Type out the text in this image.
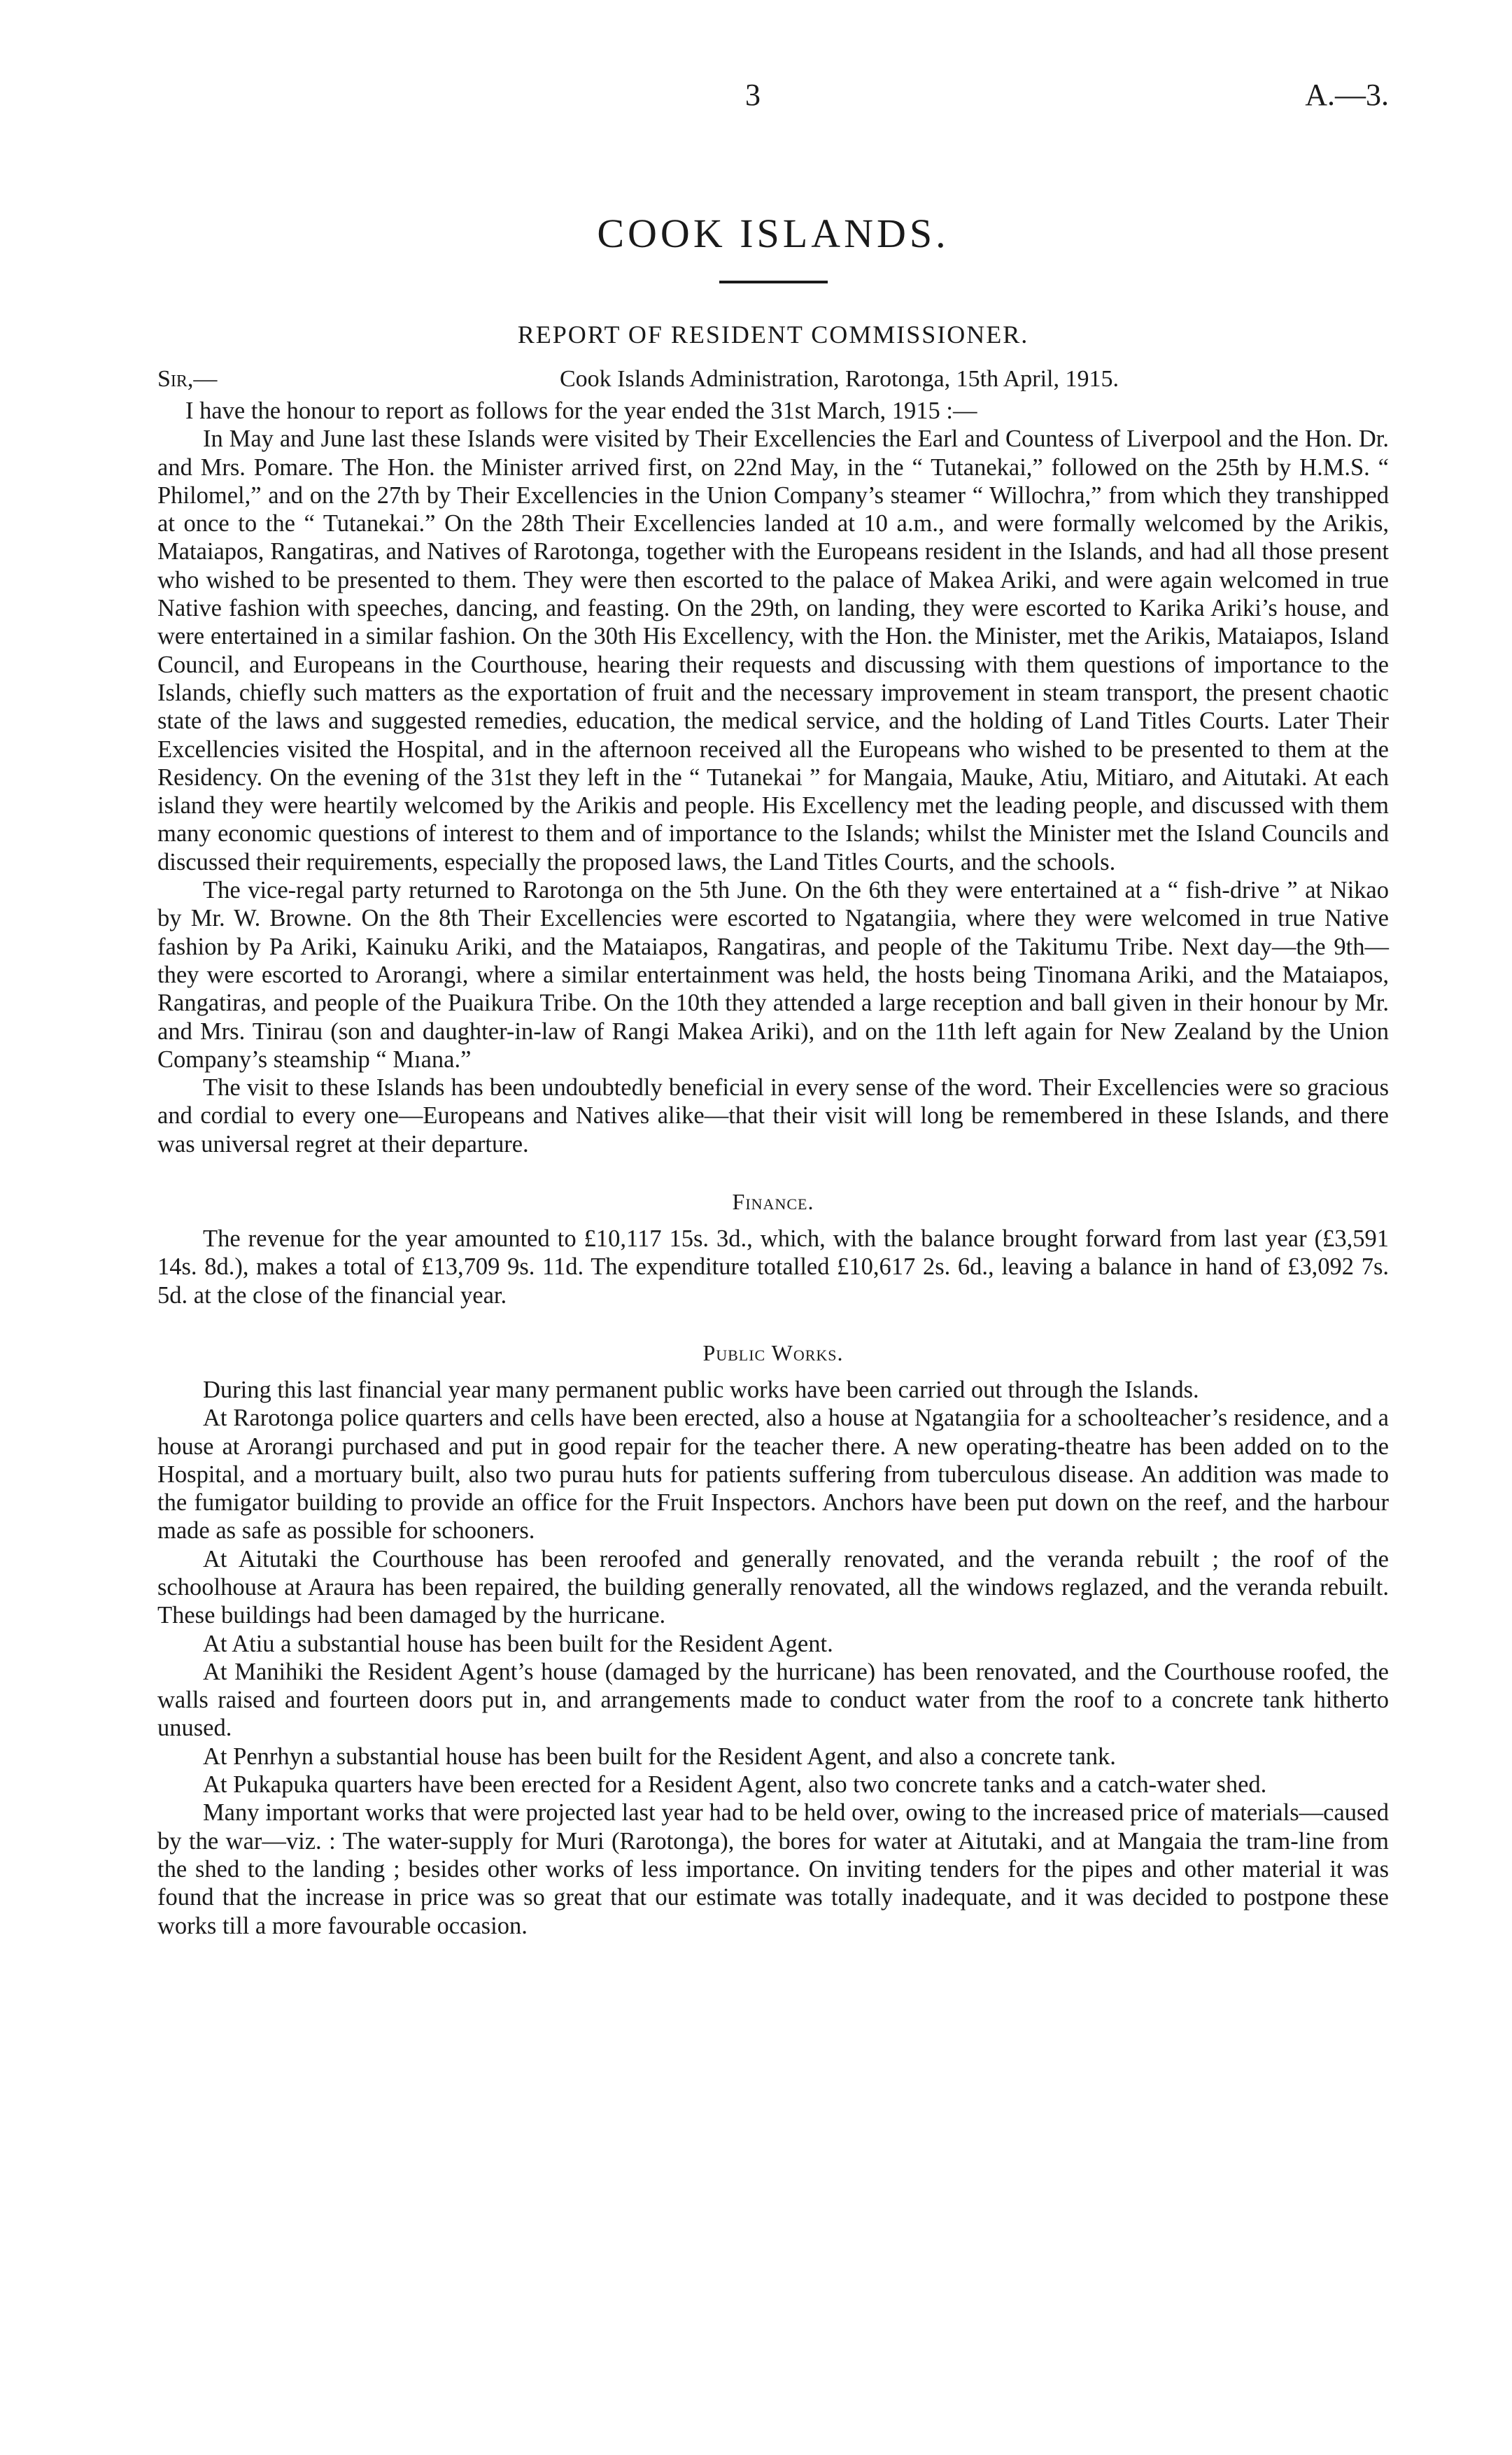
3	A.—3.
COOK ISLANDS.
REPORT OF RESIDENT COMMISSIONER.
Sir,—	Cook Islands Administration, Rarotonga, 15th April, 1915.

I have the honour to report as follows for the year ended the 31st March, 1915 :—

In May and June last these Islands were visited by Their Excellencies the Earl and Countess of Liverpool and the Hon. Dr. and Mrs. Pomare. The Hon. the Minister arrived first, on 22nd May, in the “ Tutanekai,” followed on the 25th by H.M.S. “ Philomel,” and on the 27th by Their Excellencies in the Union Company’s steamer “ Willochra,” from which they transhipped at once to the “ Tutanekai.” On the 28th Their Excellencies landed at 10 a.m., and were formally welcomed by the Arikis, Mataiapos, Rangatiras, and Natives of Rarotonga, together with the Europeans resident in the Islands, and had all those present who wished to be presented to them. They were then escorted to the palace of Makea Ariki, and were again welcomed in true Native fashion with speeches, dancing, and feasting. On the 29th, on landing, they were escorted to Karika Ariki’s house, and were entertained in a similar fashion. On the 30th His Excellency, with the Hon. the Minister, met the Arikis, Mataiapos, Island Council, and Europeans in the Courthouse, hearing their requests and discussing with them questions of importance to the Islands, chiefly such matters as the exportation of fruit and the necessary improvement in steam transport, the present chaotic state of the laws and suggested remedies, education, the medical service, and the holding of Land Titles Courts. Later Their Excellencies visited the Hospital, and in the afternoon received all the Europeans who wished to be presented to them at the Residency. On the evening of the 31st they left in the “ Tutanekai ” for Mangaia, Mauke, Atiu, Mitiaro, and Aitutaki. At each island they were heartily welcomed by the Arikis and people. His Excellency met the leading people, and discussed with them many economic questions of interest to them and of importance to the Islands; whilst the Minister met the Island Councils and discussed their requirements, especially the proposed laws, the Land Titles Courts, and the schools.

The vice-regal party returned to Rarotonga on the 5th June. On the 6th they were entertained at a “ fish-drive ” at Nikao by Mr. W. Browne. On the 8th Their Excellencies were escorted to Ngatangiia, where they were welcomed in true Native fashion by Pa Ariki, Kainuku Ariki, and the Mataiapos, Rangatiras, and people of the Takitumu Tribe. Next day—the 9th—they were escorted to Arorangi, where a similar entertainment was held, the hosts being Tinomana Ariki, and the Mataiapos, Rangatiras, and people of the Puaikura Tribe. On the 10th they attended a large reception and ball given in their honour by Mr. and Mrs. Tinirau (son and daughter-in-law of Rangi Makea Ariki), and on the 11th left again for New Zealand by the Union Company’s steamship “ Mıana.”

The visit to these Islands has been undoubtedly beneficial in every sense of the word. Their Excellencies were so gracious and cordial to every one—Europeans and Natives alike—that their visit will long be remembered in these Islands, and there was universal regret at their departure.

Finance.

The revenue for the year amounted to £10,117 15s. 3d., which, with the balance brought forward from last year (£3,591 14s. 8d.), makes a total of £13,709 9s. 11d. The expenditure totalled £10,617 2s. 6d., leaving a balance in hand of £3,092 7s. 5d. at the close of the financial year.

Public Works.

During this last financial year many permanent public works have been carried out through the Islands.

At Rarotonga police quarters and cells have been erected, also a house at Ngatangiia for a schoolteacher’s residence, and a house at Arorangi purchased and put in good repair for the teacher there. A new operating-theatre has been added on to the Hospital, and a mortuary built, also two purau huts for patients suffering from tuberculous disease. An addition was made to the fumigator building to provide an office for the Fruit Inspectors. Anchors have been put down on the reef, and the harbour made as safe as possible for schooners.

At Aitutaki the Courthouse has been reroofed and generally renovated, and the veranda rebuilt ; the roof of the schoolhouse at Araura has been repaired, the building generally renovated, all the windows reglazed, and the veranda rebuilt. These buildings had been damaged by the hurricane.

At Atiu a substantial house has been built for the Resident Agent.

At Manihiki the Resident Agent’s house (damaged by the hurricane) has been renovated, and the Courthouse roofed, the walls raised and fourteen doors put in, and arrangements made to conduct water from the roof to a concrete tank hitherto unused.

At Penrhyn a substantial house has been built for the Resident Agent, and also a concrete tank.

At Pukapuka quarters have been erected for a Resident Agent, also two concrete tanks and a catch-water shed.

Many important works that were projected last year had to be held over, owing to the increased price of materials—caused by the war—viz. : The water-supply for Muri (Rarotonga), the bores for water at Aitutaki, and at Mangaia the tram-line from the shed to the landing ; besides other works of less importance. On inviting tenders for the pipes and other material it was found that the increase in price was so great that our estimate was totally inadequate, and it was decided to postpone these works till a more favourable occasion.
